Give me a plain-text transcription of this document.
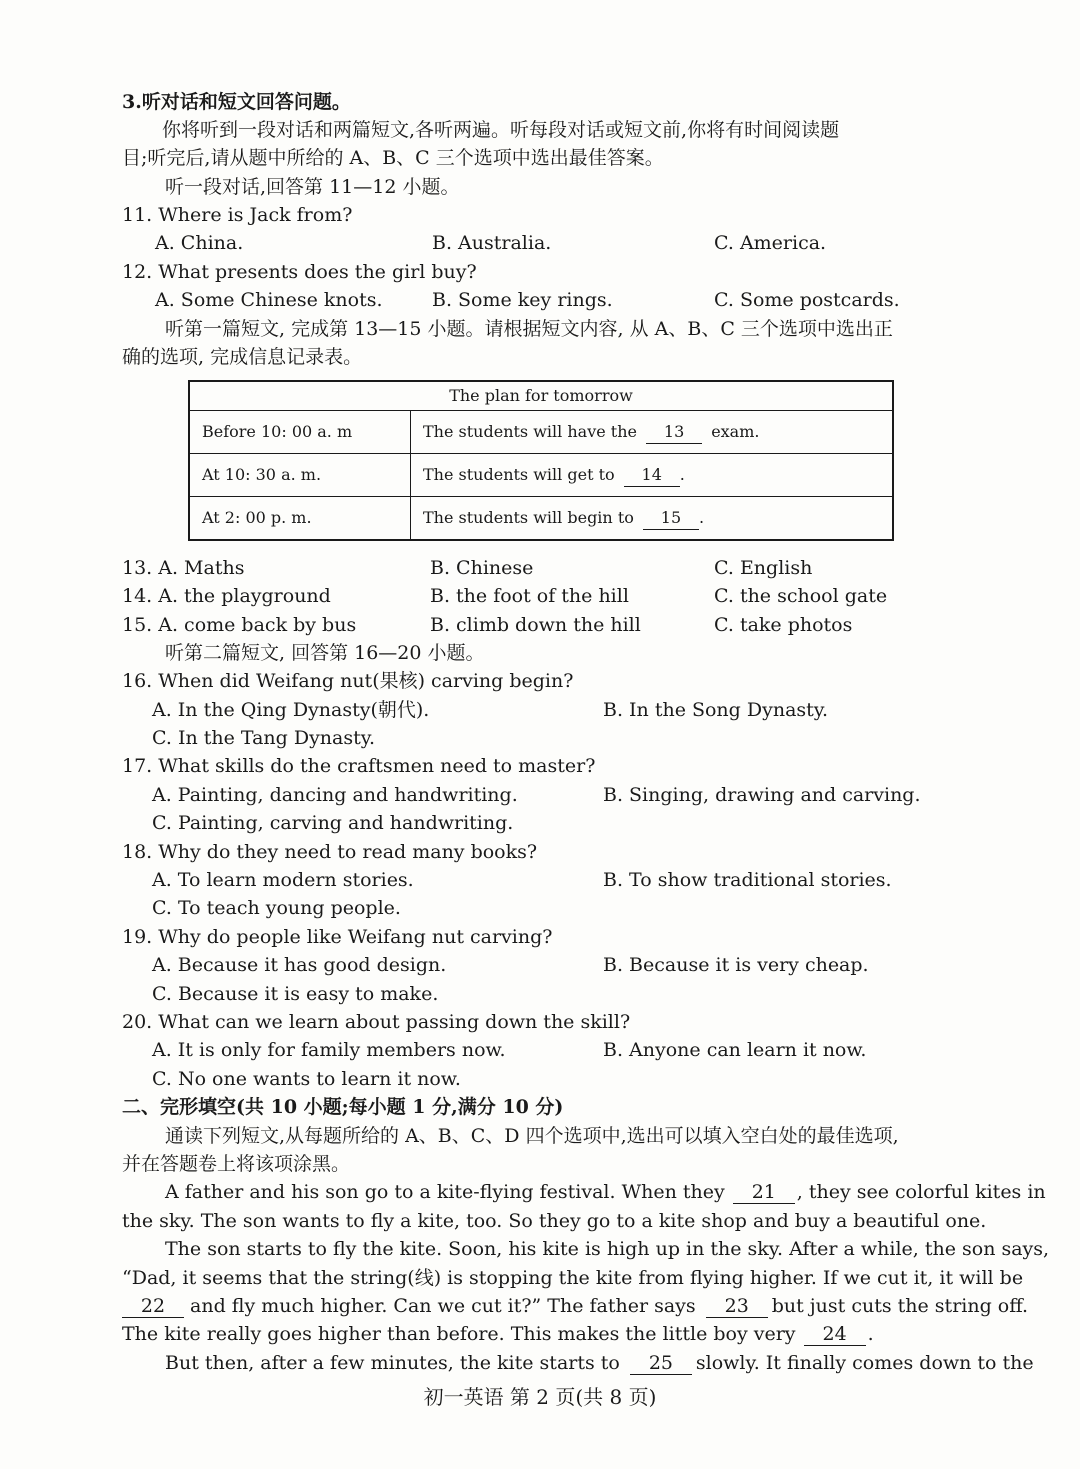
3.听对话和短文回答问题。
你将听到一段对话和两篇短文,各听两遍。听每段对话或短文前,你将有时间阅读题
目;听完后,请从题中所给的 A、B、C 三个选项中选出最佳答案。
听一段对话,回答第 11—12 小题。
11. Where is Jack from?
A. China.	B. Australia.	C. America.
12. What presents does the girl buy?
A. Some Chinese knots.	B. Some key rings.	C. Some postcards.
听第一篇短文, 完成第 13—15 小题。请根据短文内容, 从 A、B、C 三个选项中选出正
确的选项, 完成信息记录表。
The plan for tomorrow	
Before 10: 00 a. m	The students will have the 13 exam.
At 10: 30 a. m.	The students will get to 14 .
At 2: 00 p. m.	The students will begin to 15 .
13. A. Maths	B. Chinese	C. English
14. A. the playground	B. the foot of the hill	C. the school gate
15. A. come back by bus	B. climb down the hill	C. take photos
听第二篇短文, 回答第 16—20 小题。
16. When did Weifang nut(果核) carving begin?
A. In the Qing Dynasty(朝代).	B. In the Song Dynasty.
C. In the Tang Dynasty.
17. What skills do the craftsmen need to master?
A. Painting, dancing and handwriting.	B. Singing, drawing and carving.
C. Painting, carving and handwriting.
18. Why do they need to read many books?
A. To learn modern stories.	B. To show traditional stories.
C. To teach young people.
19. Why do people like Weifang nut carving?
A. Because it has good design.	B. Because it is very cheap.
C. Because it is easy to make.
20. What can we learn about passing down the skill?
A. It is only for family members now.	B. Anyone can learn it now.
C. No one wants to learn it now.
二、完形填空(共 10 小题;每小题 1 分,满分 10 分)
通读下列短文,从每题所给的 A、B、C、D 四个选项中,选出可以填入空白处的最佳选项,
并在答题卷上将该项涂黑。
A father and his son go to a kite-flying festival. When they 21 , they see colorful kites in
the sky. The son wants to fly a kite, too. So they go to a kite shop and buy a beautiful one.
The son starts to fly the kite. Soon, his kite is high up in the sky. After a while, the son says,
“Dad, it seems that the string(线) is stopping the kite from flying higher. If we cut it, it will be
22 and fly much higher. Can we cut it?” The father says 23 but just cuts the string off.
The kite really goes higher than before. This makes the little boy very 24 .
But then, after a few minutes, the kite starts to 25 slowly. It finally comes down to the
初一英语 第 2 页(共 8 页)
